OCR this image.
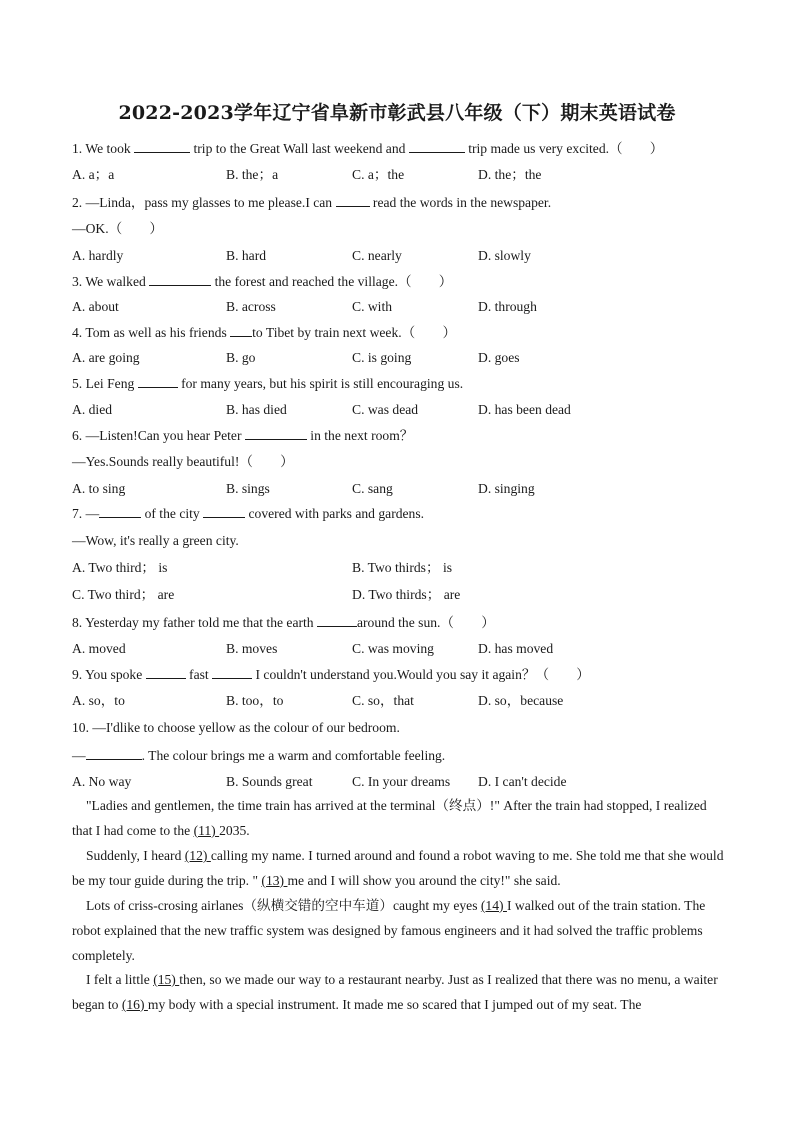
2022-2023学年辽宁省阜新市彰武县八年级（下）期末英语试卷
1. We took	trip to the Great Wall last weekend and	trip made us very excited.（　　）
A. a；a	B. the；a	C. a；the	D. the；the
2. —Linda，pass my glasses to me please.I can	read the words in the newspaper.
—OK.（　　）
A. hardly	B. hard	C. nearly	D. slowly
3. We walked	the forest and reached the village.（　　）
A. about	B. across	C. with	D. through
4. Tom as well as his friends to Tibet by train next week.（　　）
A. are going	B. go	C. is going	D. goes
5. Lei Feng	for many years, but his spirit is still encouraging us.
A. died	B. has died	C. was dead	D. has been dead
6. —Listen!Can you hear Peter	in the next room？
—Yes.Sounds really beautiful!（　　）
A. to sing	B. sings	C. sang	D. singing
7. —	of the city	covered with parks and gardens.
—Wow, it's really a green city.
A. Two third； is	B. Two thirds； is
C. Two third； are	D. Two thirds； are
8. Yesterday my father told me that the earth	around the sun.（　　）
A. moved	B. moves	C. was moving	D. has moved
9. You spoke	fast	I couldn't understand you.Would you say it again？（　　）
A. so，to	B. too，to	C. so，that	D. so，because
10. —I'dlike to choose yellow as the colour of our bedroom.
—	. The colour brings me a warm and comfortable feeling.
A. No way	B. Sounds great	C. In your dreams D. I can't decide
"Ladies and gentlemen, the time train has arrived at the terminal（终点）!" After the train had stopped, I realized that I had come to the (11) 2035.
Suddenly, I heard (12) calling my name. I turned around and found a robot waving to me. She told me that she would be my tour guide during the trip. " (13) me and I will show you around the city!" she said.
Lots of criss-crosing airlanes（纵横交错的空中车道）caught my eyes (14) I walked out of the train station. The robot explained that the new traffic system was designed by famous engineers and it had solved the traffic problems completely.
I felt a little (15) then, so we made our way to a restaurant nearby. Just as I realized that there was no menu, a waiter began to (16) my body with a special instrument. It made me so scared that I jumped out of my seat. The
